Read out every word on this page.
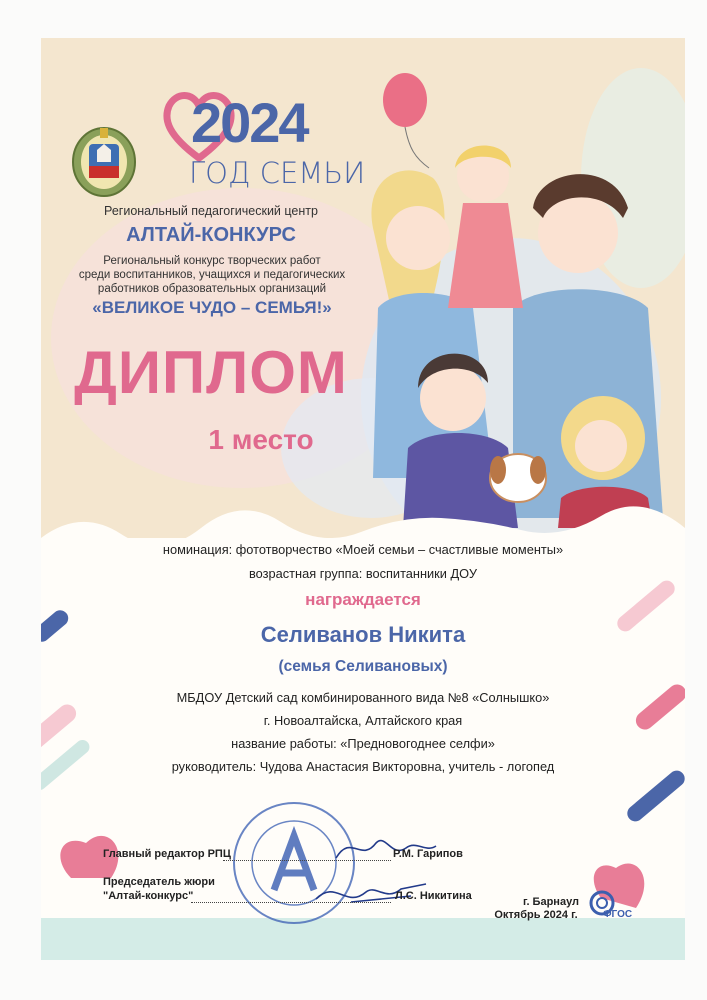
2024
ГОД СЕМЬИ
Региональный педагогический центр
АЛТАЙ-КОНКУРС
Региональный конкурс творческих работ
среди воспитанников, учащихся и педагогических
работников образовательных организаций
«ВЕЛИКОЕ ЧУДО – СЕМЬЯ!»
ДИПЛОМ
1 место
номинация: фототворчество «Моей семьи – счастливые моменты»
возрастная группа: воспитанники ДОУ
награждается
Селиванов Никита
(семья Селивановых)
МБДОУ Детский сад комбинированного вида №8 «Солнышко»
г. Новоалтайска, Алтайского края
название работы: «Предновогоднее селфи»
руководитель: Чудова Анастасия Викторовна, учитель - логопед
Главный редактор РПЦ	Р.М. Гарипов
Председатель жюри
"Алтай-конкурс"	Л.С. Никитина	г. Барнаул
Октябрь 2024 г.	ФГОС
